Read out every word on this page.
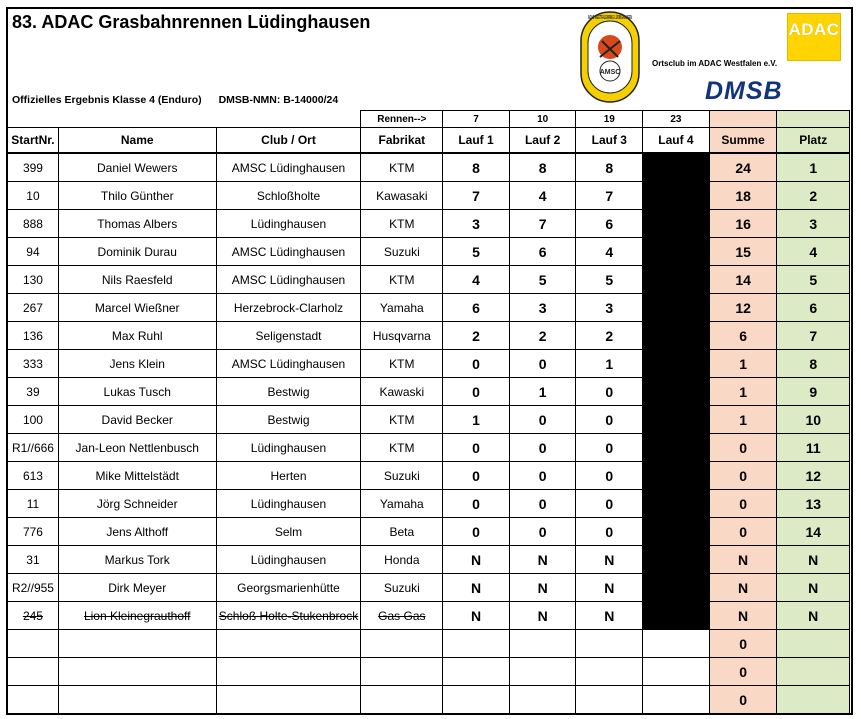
83. ADAC Grasbahnrennen Lüdinghausen
Offizielles Ergebnis Klasse 4 (Enduro) DMSB-NMN: B-14000/24
AMSC
ADAC WESTFALENRING LÜDINGHAUSEN
Ortsclub im ADAC Westfalen e.V.
ADAC
DMSB
			Rennen-->	7	10	19	23		
StartNr.	Name	Club / Ort	Fabrikat	Lauf 1	Lauf 2	Lauf 3	Lauf 4	Summe	Platz
399	Daniel Wewers	AMSC Lüdinghausen	KTM	8	8	8		24	1
10	Thilo Günther	Schloßholte	Kawasaki	7	4	7		18	2
888	Thomas Albers	Lüdinghausen	KTM	3	7	6		16	3
94	Dominik Durau	AMSC Lüdinghausen	Suzuki	5	6	4		15	4
130	Nils Raesfeld	AMSC Lüdinghausen	KTM	4	5	5		14	5
267	Marcel Wießner	Herzebrock-Clarholz	Yamaha	6	3	3		12	6
136	Max Ruhl	Seligenstadt	Husqvarna	2	2	2		6	7
333	Jens Klein	AMSC Lüdinghausen	KTM	0	0	1		1	8
39	Lukas Tusch	Bestwig	Kawaski	0	1	0		1	9
100	David Becker	Bestwig	KTM	1	0	0		1	10
R1//666	Jan-Leon Nettlenbusch	Lüdinghausen	KTM	0	0	0		0	11
613	Mike Mittelstädt	Herten	Suzuki	0	0	0		0	12
11	Jörg Schneider	Lüdinghausen	Yamaha	0	0	0		0	13
776	Jens Althoff	Selm	Beta	0	0	0		0	14
31	Markus Tork	Lüdinghausen	Honda	N	N	N		N	N
R2//955	Dirk Meyer	Georgsmarienhütte	Suzuki	N	N	N		N	N
245	Lion Kleinegrauthoff	Schloß Holte-Stukenbrock	Gas Gas	N	N	N		N	N
								0	
								0	
								0	
